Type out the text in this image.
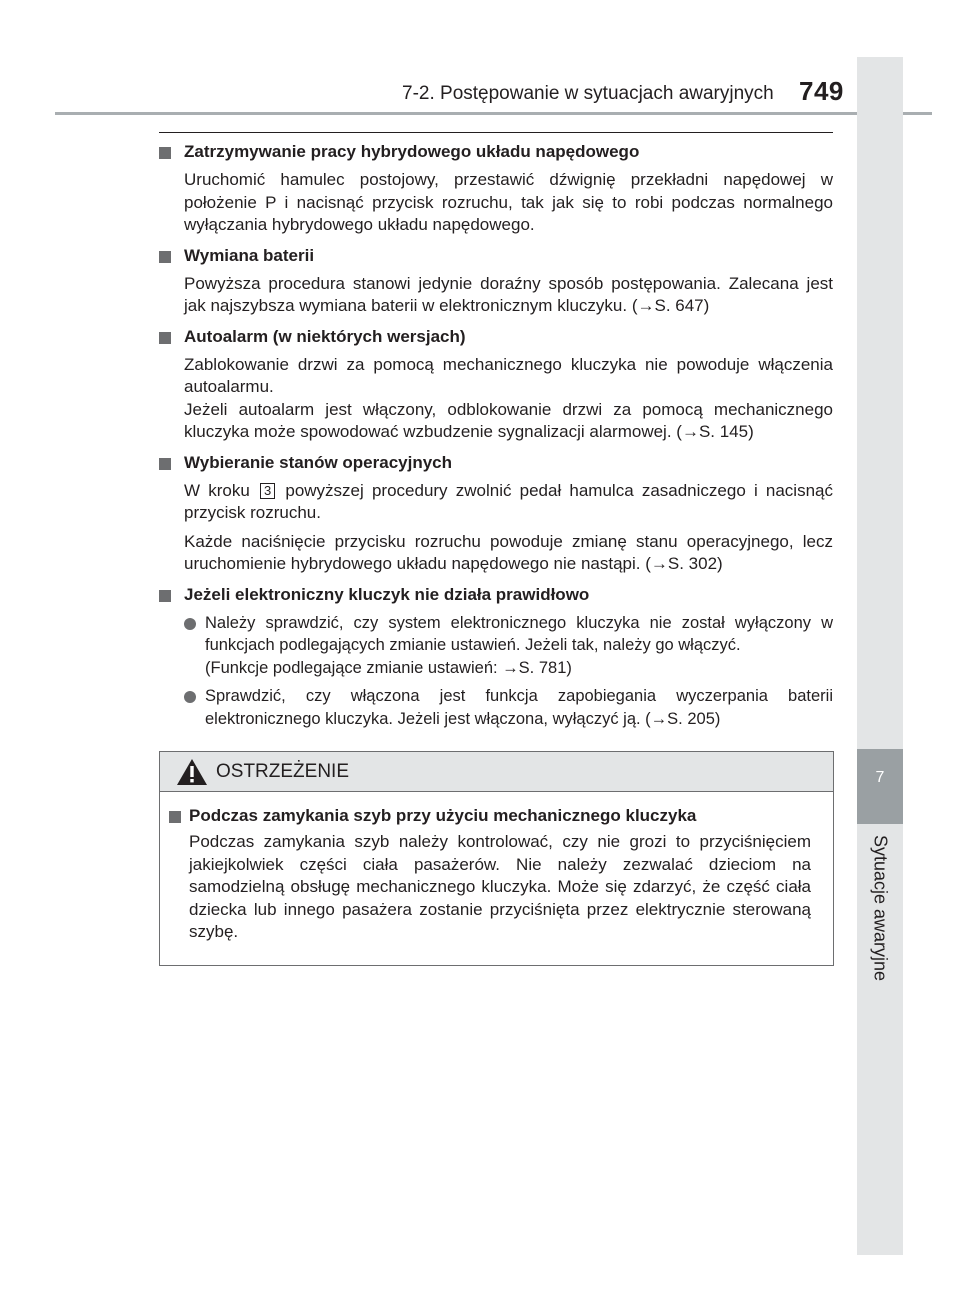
7-2. Postępowanie w sytuacjach awaryjnych 749
7
Sytuacje awaryjne
Zatrzymywanie pracy hybrydowego układu napędowego
Uruchomić hamulec postojowy, przestawić dźwignię przekładni napędowej w położenie P i nacisnąć przycisk rozruchu, tak jak się to robi podczas normalnego wyłączania hybrydowego układu napędowego.
Wymiana baterii
Powyższa procedura stanowi jedynie doraźny sposób postępowania. Zalecana jest jak najszybsza wymiana baterii w elektronicznym kluczyku. (→S. 647)
Autoalarm (w niektórych wersjach)
Zablokowanie drzwi za pomocą mechanicznego kluczyka nie powoduje włączenia autoalarmu.
Jeżeli autoalarm jest włączony, odblokowanie drzwi za pomocą mechanicznego kluczyka może spowodować wzbudzenie sygnalizacji alarmowej. (→S. 145)
Wybieranie stanów operacyjnych
W kroku 3 powyższej procedury zwolnić pedał hamulca zasadniczego i nacisnąć przycisk rozruchu.
Każde naciśnięcie przycisku rozruchu powoduje zmianę stanu operacyjnego, lecz uruchomienie hybrydowego układu napędowego nie nastąpi. (→S. 302)
Jeżeli elektroniczny kluczyk nie działa prawidłowo
Należy sprawdzić, czy system elektronicznego kluczyka nie został wyłączony w funkcjach podlegających zmianie ustawień. Jeżeli tak, należy go włączyć.
(Funkcje podlegające zmianie ustawień: →S. 781)
Sprawdzić, czy włączona jest funkcja zapobiegania wyczerpania baterii elektronicznego kluczyka. Jeżeli jest włączona, wyłączyć ją. (→S. 205)
OSTRZEŻENIE
Podczas zamykania szyb przy użyciu mechanicznego kluczyka
Podczas zamykania szyb należy kontrolować, czy nie grozi to przyciśnięciem jakiejkolwiek części ciała pasażerów. Nie należy zezwalać dzieciom na samodzielną obsługę mechanicznego kluczyka. Może się zdarzyć, że część ciała dziecka lub innego pasażera zostanie przyciśnięta przez elektrycznie sterowaną szybę.
